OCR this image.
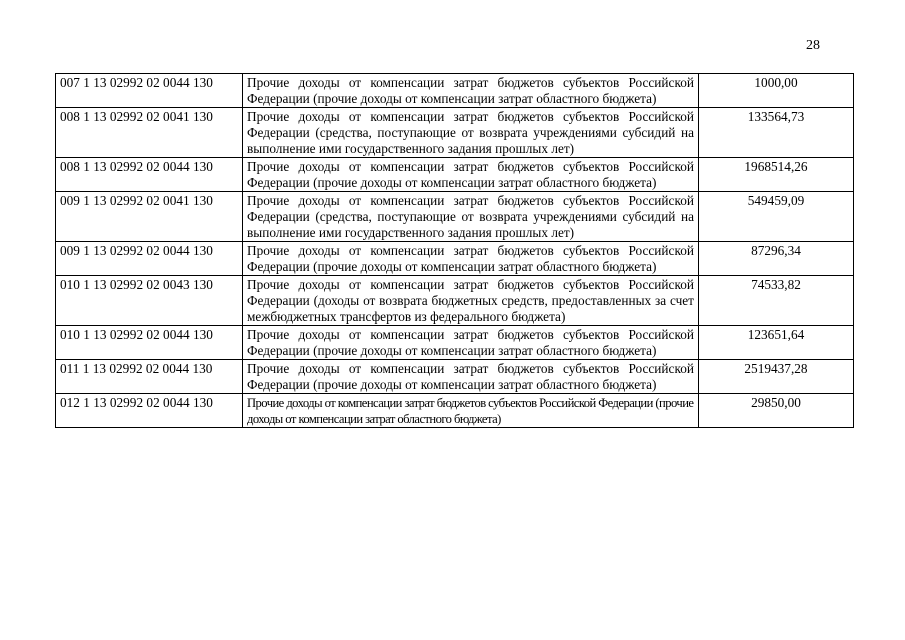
28
007 1 13 02992 02 0044 130	Прочие доходы от компенсации затрат бюджетов субъектов Российской Федерации (прочие доходы от компенсации затрат областного бюджета)	1000,00
008 1 13 02992 02 0041 130	Прочие доходы от компенсации затрат бюджетов субъектов Российской Федерации (средства, поступающие от возврата учреждениями субсидий на выполнение ими государственного задания прошлых лет)	133564,73
008 1 13 02992 02 0044 130	Прочие доходы от компенсации затрат бюджетов субъектов Российской Федерации (прочие доходы от компенсации затрат областного бюджета)	1968514,26
009 1 13 02992 02 0041 130	Прочие доходы от компенсации затрат бюджетов субъектов Российской Федерации (средства, поступающие от возврата учреждениями субсидий на выполнение ими государственного задания прошлых лет)	549459,09
009 1 13 02992 02 0044 130	Прочие доходы от компенсации затрат бюджетов субъектов Российской Федерации (прочие доходы от компенсации затрат областного бюджета)	87296,34
010 1 13 02992 02 0043 130	Прочие доходы от компенсации затрат бюджетов субъектов Российской Федерации (доходы от возврата бюджетных средств, предоставленных за счет межбюджетных трансфертов из федерального бюджета)	74533,82
010 1 13 02992 02 0044 130	Прочие доходы от компенсации затрат бюджетов субъектов Российской Федерации (прочие доходы от компенсации затрат областного бюджета)	123651,64
011 1 13 02992 02 0044 130	Прочие доходы от компенсации затрат бюджетов субъектов Российской Федерации (прочие доходы от компенсации затрат областного бюджета)	2519437,28
012 1 13 02992 02 0044 130	Прочие доходы от компенсации затрат бюджетов субъектов Российской Федерации (прочие доходы от компенсации затрат областного бюджета)	29850,00
